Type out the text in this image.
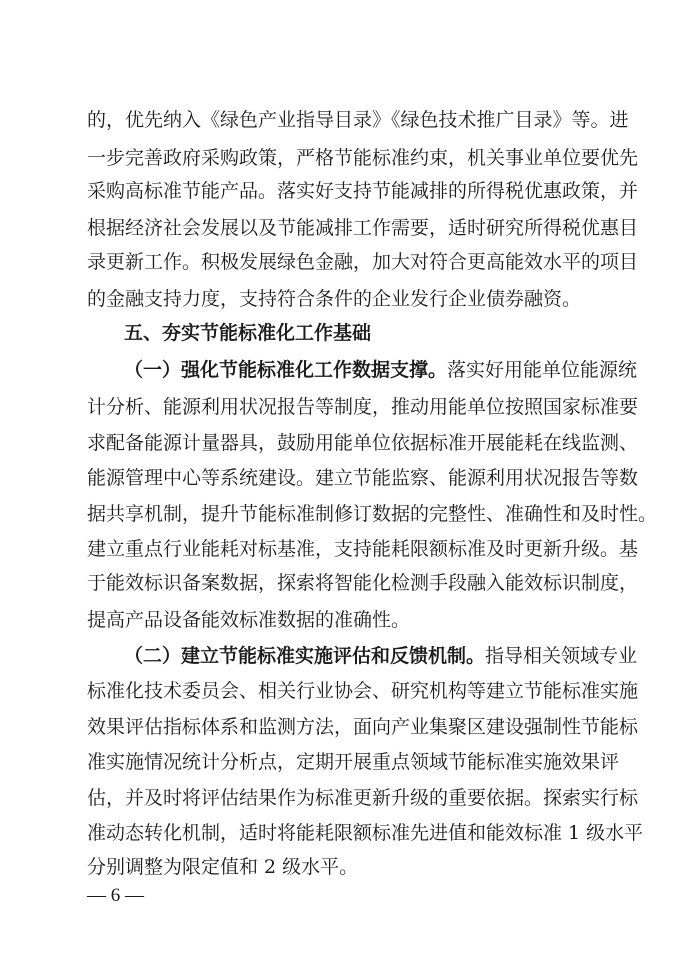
的，优先纳入《绿色产业指导目录》《绿色技术推广目录》等。进
一步完善政府采购政策，严格节能标准约束，机关事业单位要优先
采购高标准节能产品。落实好支持节能减排的所得税优惠政策，并
根据经济社会发展以及节能减排工作需要，适时研究所得税优惠目
录更新工作。积极发展绿色金融，加大对符合更高能效水平的项目
的金融支持力度，支持符合条件的企业发行企业债券融资。
五、夯实节能标准化工作基础
（一）强化节能标准化工作数据支撑。落实好用能单位能源统
计分析、能源利用状况报告等制度，推动用能单位按照国家标准要
求配备能源计量器具，鼓励用能单位依据标准开展能耗在线监测、
能源管理中心等系统建设。建立节能监察、能源利用状况报告等数
据共享机制，提升节能标准制修订数据的完整性、准确性和及时性。
建立重点行业能耗对标基准，支持能耗限额标准及时更新升级。基
于能效标识备案数据，探索将智能化检测手段融入能效标识制度，
提高产品设备能效标准数据的准确性。
（二）建立节能标准实施评估和反馈机制。指导相关领域专业
标准化技术委员会、相关行业协会、研究机构等建立节能标准实施
效果评估指标体系和监测方法，面向产业集聚区建设强制性节能标
准实施情况统计分析点，定期开展重点领域节能标准实施效果评
估，并及时将评估结果作为标准更新升级的重要依据。探索实行标
准动态转化机制，适时将能耗限额标准先进值和能效标准 1 级水平
分别调整为限定值和 2 级水平。
— 6 —
